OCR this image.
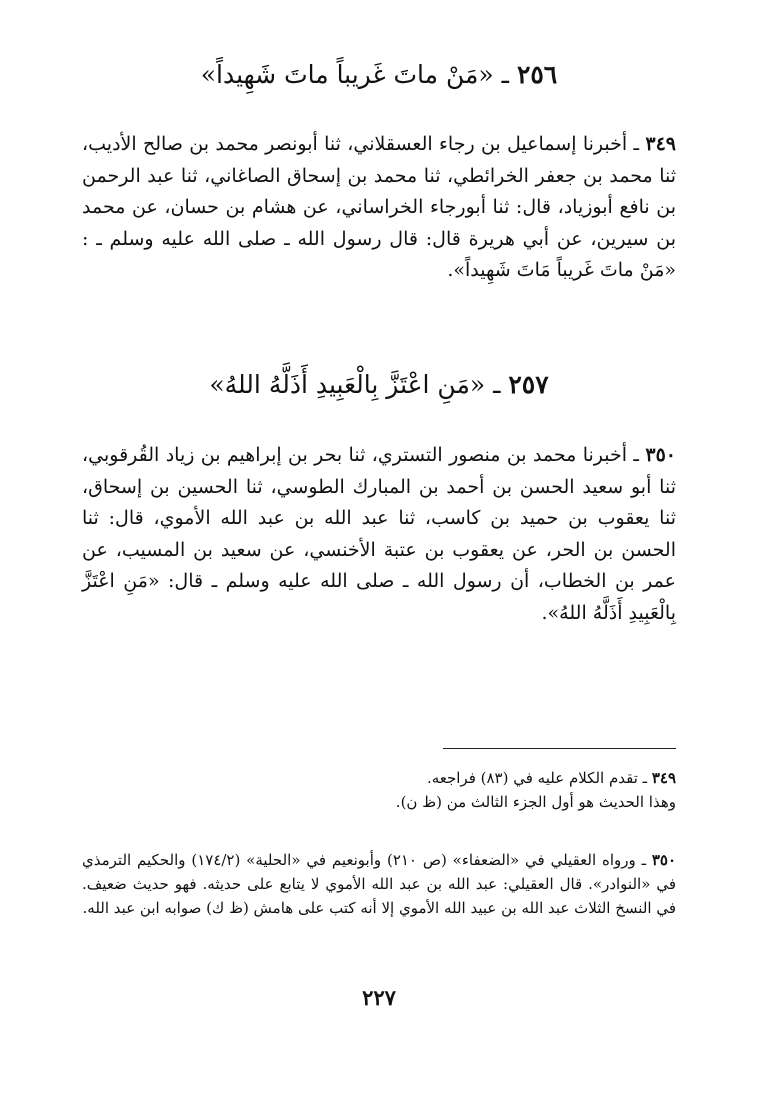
٢٥٦ ـ «مَنْ ماتَ غَريباً ماتَ شَهِيداً»
٣٤٩ ـ أخبرنا إسماعيل بن رجاء العسقلاني، ثنا أبونصر محمد بن صالح الأديب، ثنا محمد بن جعفر الخرائطي، ثنا محمد بن إسحاق الصاغاني، ثنا عبد الرحمن بن نافع أبوزياد، قال: ثنا أبورجاء الخراساني، عن هشام بن حسان، عن محمد بن سيرين، عن أبي هريرة قال: قال رسول الله ـ صلى الله عليه وسلم ـ : «مَنْ ماتَ غَريباً مَاتَ شَهِيداً».
٢٥٧ ـ «مَنِ اعْتَزَّ بِالْعَبِيدِ أَذَلَّهُ اللهُ»
٣٥٠ ـ أخبرنا محمد بن منصور التستري، ثنا بحر بن إبراهيم بن زياد القُرقوبي، ثنا أبو سعيد الحسن بن أحمد بن المبارك الطوسي، ثنا الحسين بن إسحاق، ثنا يعقوب بن حميد بن كاسب، ثنا عبد الله بن عبد الله الأموي، قال: ثنا الحسن بن الحر، عن يعقوب بن عتبة الأخنسي، عن سعيد بن المسيب، عن عمر بن الخطاب، أن رسول الله ـ صلى الله عليه وسلم ـ قال: «مَنِ اعْتَزَّ بِالْعَبِيدِ أَذَلَّهُ اللهُ».
٣٤٩ ـ تقدم الكلام عليه في (٨٣) فراجعه.
وهذا الحديث هو أول الجزء الثالث من (ظ ن).
٣٥٠ ـ ورواه العقيلي في «الضعفاء» (ص ٢١٠) وأبونعيم في «الحلية» (١٧٤/٢) والحكيم الترمذي في «النوادر». قال العقيلي: عبد الله بن عبد الله الأموي لا يتابع على حديثه. فهو حديث ضعيف. في النسخ الثلاث عبد الله بن عبيد الله الأموي إلا أنه كتب على هامش (ظ ك) صوابه ابن عبد الله.
٢٢٧
